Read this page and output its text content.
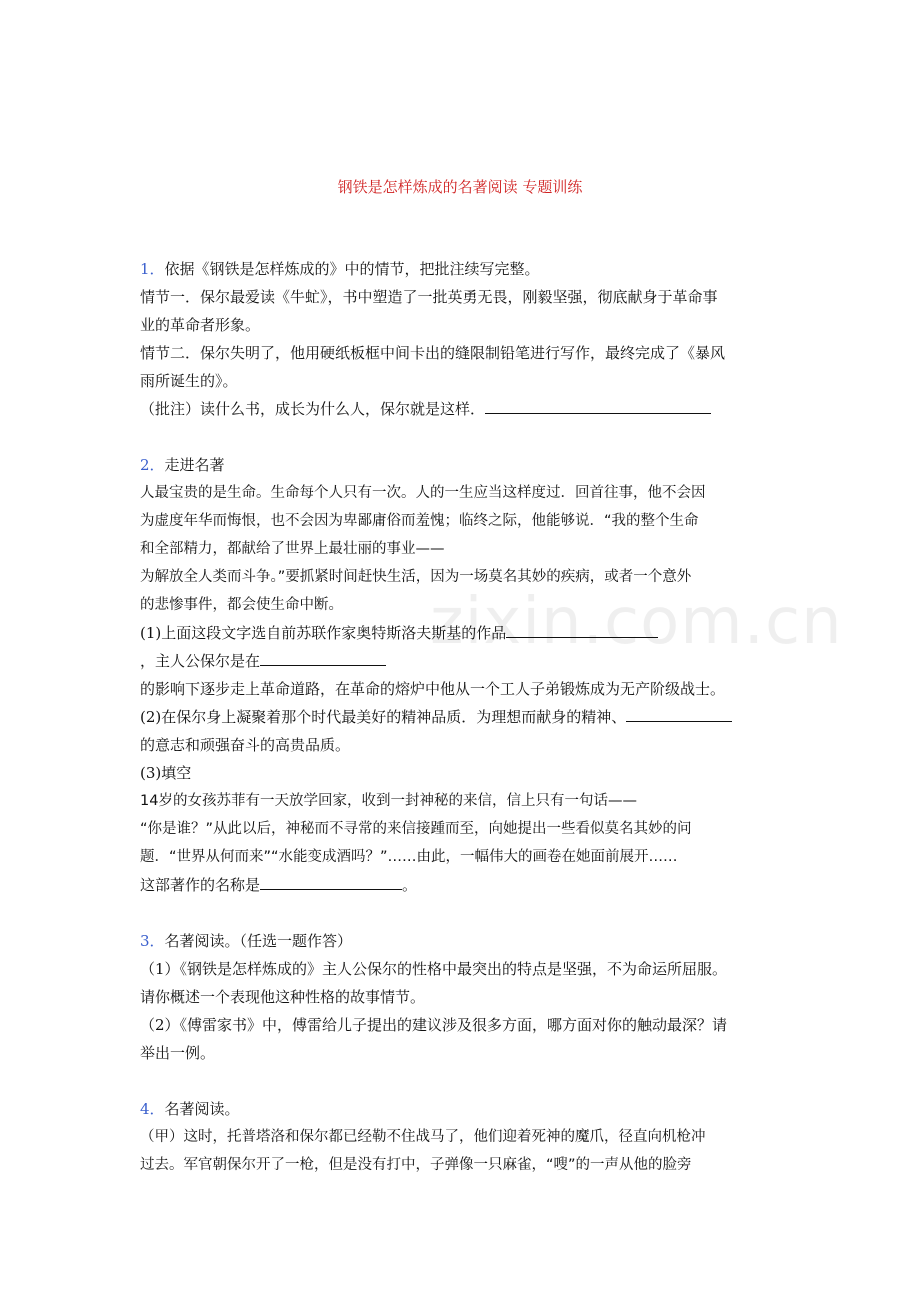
钢铁是怎样炼成的名著阅读 专题训练
zixin.com.cn
1．依据《钢铁是怎样炼成的》中的情节，把批注续写完整。
情节一．保尔最爱读《牛虻》，书中塑造了一批英勇无畏，刚毅坚强，彻底献身于革命事
业的革命者形象。
情节二．保尔失明了，他用硬纸板框中间卡出的缝限制铅笔进行写作，最终完成了《暴风
雨所诞生的》。
（批注）读什么书，成长为什么人，保尔就是这样．
2．走进名著
人最宝贵的是生命。生命每个人只有一次。人的一生应当这样度过．回首往事，他不会因
为虚度年华而悔恨，也不会因为卑鄙庸俗而羞愧；临终之际，他能够说．“我的整个生命
和全部精力，都献给了世界上最壮丽的事业——
为解放全人类而斗争。”要抓紧时间赶快生活，因为一场莫名其妙的疾病，或者一个意外
的悲惨事件，都会使生命中断。
(1)上面这段文字选自前苏联作家奥特斯洛夫斯基的作品
，主人公保尔是在
的影响下逐步走上革命道路，在革命的熔炉中他从一个工人子弟锻炼成为无产阶级战士。
(2)在保尔身上凝聚着那个时代最美好的精神品质．为理想而献身的精神、
的意志和顽强奋斗的高贵品质。
(3)填空
14岁的女孩苏菲有一天放学回家，收到一封神秘的来信，信上只有一句话——
“你是谁？”从此以后，神秘而不寻常的来信接踵而至，向她提出一些看似莫名其妙的问
题．“世界从何而来”“水能变成酒吗？”……由此，一幅伟大的画卷在她面前展开……
这部著作的名称是	。
3．名著阅读。（任选一题作答）
（1）《钢铁是怎样炼成的》主人公保尔的性格中最突出的特点是坚强，不为命运所屈服。
请你概述一个表现他这种性格的故事情节。
（2）《傅雷家书》中，傅雷给儿子提出的建议涉及很多方面，哪方面对你的触动最深？请
举出一例。
4．名著阅读。
（甲）这时，托普塔洛和保尔都已经勒不住战马了，他们迎着死神的魔爪，径直向机枪冲
过去。军官朝保尔开了一枪，但是没有打中，子弹像一只麻雀，“嗖”的一声从他的脸旁
